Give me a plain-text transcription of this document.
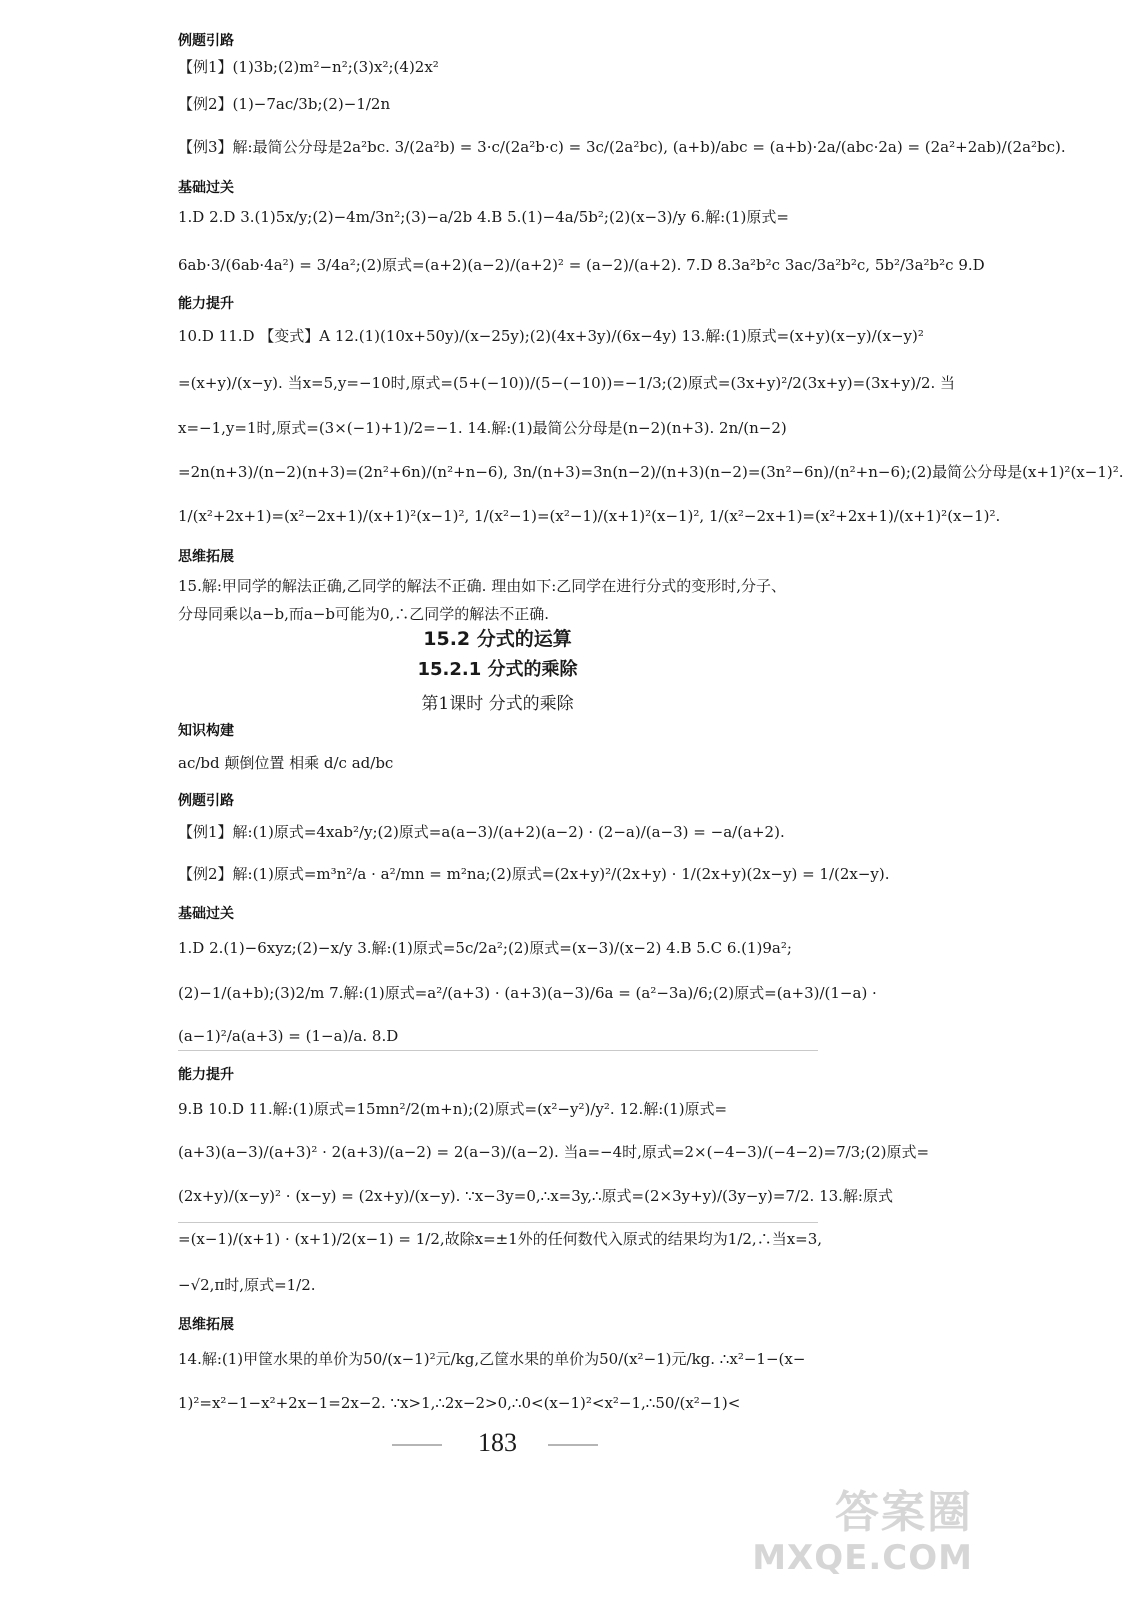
例题引路
【例1】(1)3b;(2)m²−n²;(3)x²;(4)2x²
【例2】(1)−7ac/3b;(2)−1/2n
【例3】解:最简公分母是2a²bc. 3/(2a²b) = 3·c/(2a²b·c) = 3c/(2a²bc), (a+b)/abc = (a+b)·2a/(abc·2a) = (2a²+2ab)/(2a²bc).
基础过关
1.D 2.D 3.(1)5x/y;(2)−4m/3n²;(3)−a/2b 4.B 5.(1)−4a/5b²;(2)(x−3)/y 6.解:(1)原式=
6ab·3/(6ab·4a²) = 3/4a²;(2)原式=(a+2)(a−2)/(a+2)² = (a−2)/(a+2). 7.D 8.3a²b²c 3ac/3a²b²c, 5b²/3a²b²c 9.D
能力提升
10.D 11.D 【变式】A 12.(1)(10x+50y)/(x−25y);(2)(4x+3y)/(6x−4y) 13.解:(1)原式=(x+y)(x−y)/(x−y)²
=(x+y)/(x−y). 当x=5,y=−10时,原式=(5+(−10))/(5−(−10))=−1/3;(2)原式=(3x+y)²/2(3x+y)=(3x+y)/2. 当
x=−1,y=1时,原式=(3×(−1)+1)/2=−1. 14.解:(1)最简公分母是(n−2)(n+3). 2n/(n−2)
=2n(n+3)/(n−2)(n+3)=(2n²+6n)/(n²+n−6), 3n/(n+3)=3n(n−2)/(n+3)(n−2)=(3n²−6n)/(n²+n−6);(2)最简公分母是(x+1)²(x−1)².
1/(x²+2x+1)=(x²−2x+1)/(x+1)²(x−1)², 1/(x²−1)=(x²−1)/(x+1)²(x−1)², 1/(x²−2x+1)=(x²+2x+1)/(x+1)²(x−1)².
思维拓展
15.解:甲同学的解法正确,乙同学的解法不正确. 理由如下:乙同学在进行分式的变形时,分子、分母同乘以a−b,而a−b可能为0,∴乙同学的解法不正确.
15.2 分式的运算
15.2.1 分式的乘除
第1课时 分式的乘除
知识构建
ac/bd 颠倒位置 相乘 d/c ad/bc
例题引路
【例1】解:(1)原式=4xab²/y;(2)原式=a(a−3)/(a+2)(a−2) · (2−a)/(a−3) = −a/(a+2).
【例2】解:(1)原式=m³n²/a · a²/mn = m²na;(2)原式=(2x+y)²/(2x+y) · 1/(2x+y)(2x−y) = 1/(2x−y).
基础过关
1.D 2.(1)−6xyz;(2)−x/y 3.解:(1)原式=5c/2a²;(2)原式=(x−3)/(x−2) 4.B 5.C 6.(1)9a²;
(2)−1/(a+b);(3)2/m 7.解:(1)原式=a²/(a+3) · (a+3)(a−3)/6a = (a²−3a)/6;(2)原式=(a+3)/(1−a) ·
(a−1)²/a(a+3) = (1−a)/a. 8.D
能力提升
9.B 10.D 11.解:(1)原式=15mn²/2(m+n);(2)原式=(x²−y²)/y². 12.解:(1)原式=
(a+3)(a−3)/(a+3)² · 2(a+3)/(a−2) = 2(a−3)/(a−2). 当a=−4时,原式=2×(−4−3)/(−4−2)=7/3;(2)原式=
(2x+y)/(x−y)² · (x−y) = (2x+y)/(x−y). ∵x−3y=0,∴x=3y,∴原式=(2×3y+y)/(3y−y)=7/2. 13.解:原式
=(x−1)/(x+1) · (x+1)/2(x−1) = 1/2,故除x=±1外的任何数代入原式的结果均为1/2,∴当x=3,
−√2,π时,原式=1/2.
思维拓展
14.解:(1)甲筐水果的单价为50/(x−1)²元/kg,乙筐水果的单价为50/(x²−1)元/kg. ∴x²−1−(x−
1)²=x²−1−x²+2x−1=2x−2. ∵x>1,∴2x−2>0,∴0<(x−1)²<x²−1,∴50/(x²−1)<
183
答案圈
MXQE.COM
